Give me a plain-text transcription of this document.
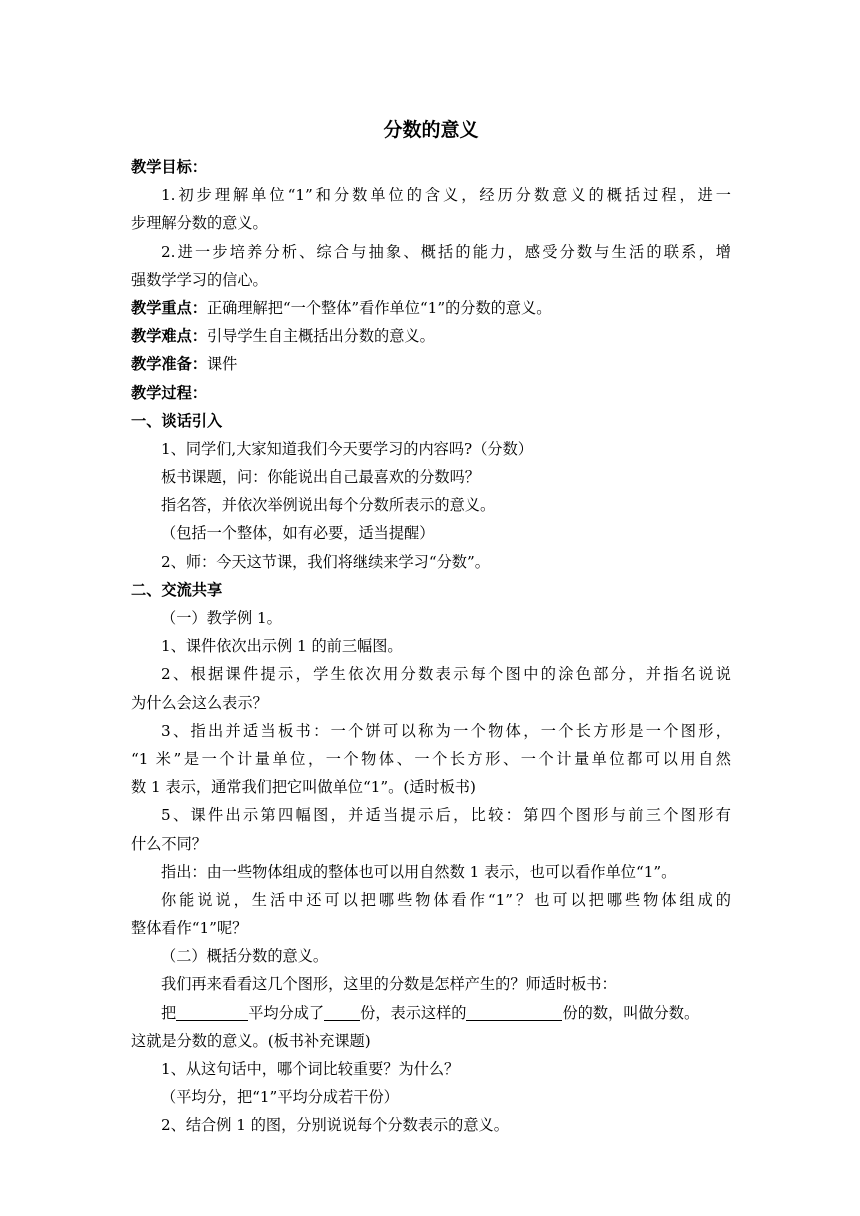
分数的意义
教学目标：
1.初步理解单位“1”和分数单位的含义，经历分数意义的概括过程，进一
步理解分数的意义。
2.进一步培养分析、综合与抽象、概括的能力，感受分数与生活的联系，增
强数学学习的信心。
教学重点：正确理解把“一个整体”看作单位“1”的分数的意义。
教学难点：引导学生自主概括出分数的意义。
教学准备：课件
教学过程：
一、谈话引入
1、同学们,大家知道我们今天要学习的内容吗?（分数）
板书课题，问：你能说出自己最喜欢的分数吗？
指名答，并依次举例说出每个分数所表示的意义。
（包括一个整体，如有必要，适当提醒）
2、师：今天这节课，我们将继续来学习“分数”。
二、交流共享
（一）教学例 1。
1、课件依次出示例 1 的前三幅图。
2、根据课件提示，学生依次用分数表示每个图中的涂色部分，并指名说说
为什么会这么表示？
3、指出并适当板书：一个饼可以称为一个物体，一个长方形是一个图形，
“1 米”是一个计量单位，一个物体、一个长方形、一个计量单位都可以用自然
数 1 表示，通常我们把它叫做单位“1”。(适时板书)
5、课件出示第四幅图，并适当提示后，比较：第四个图形与前三个图形有
什么不同？
指出：由一些物体组成的整体也可以用自然数 1 表示，也可以看作单位“1”。
你能说说，生活中还可以把哪些物体看作“1”？也可以把哪些物体组成的
整体看作“1”呢？
（二）概括分数的意义。
我们再来看看这几个图形，这里的分数是怎样产生的？师适时板书：
把	平均分成了 份，表示这样的	份的数，叫做分数。
这就是分数的意义。(板书补充课题)
1、从这句话中，哪个词比较重要？为什么？
（平均分，把“1”平均分成若干份）
2、结合例 1 的图，分别说说每个分数表示的意义。
